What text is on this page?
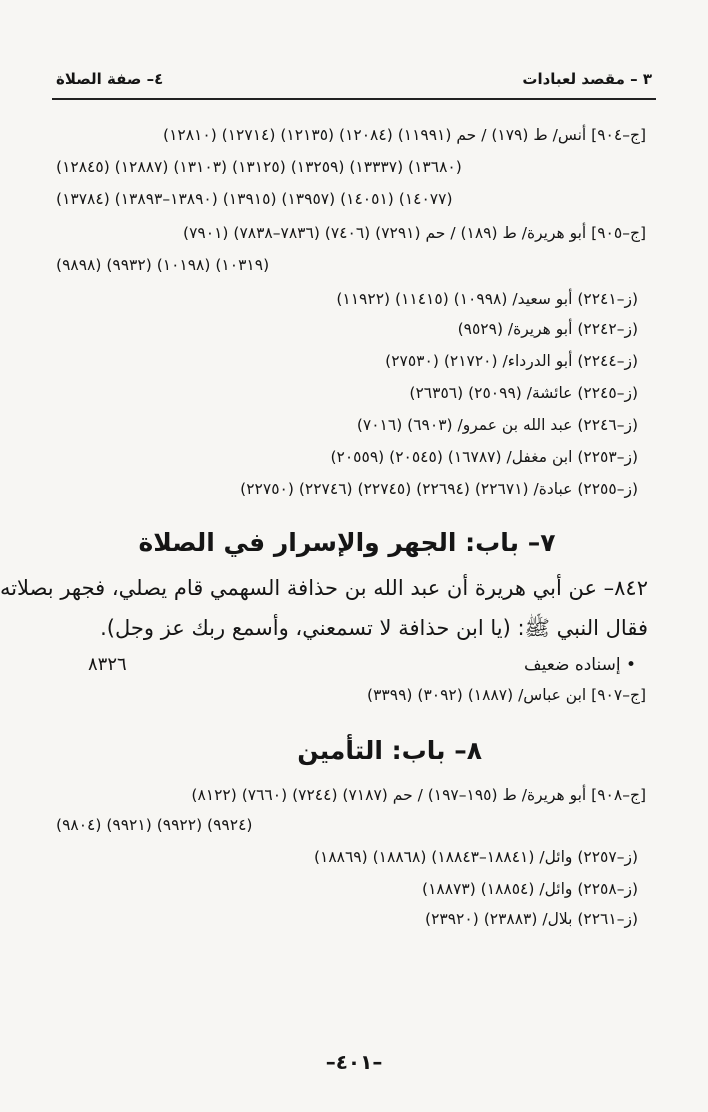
٣ – مقصد لعبادات
٤– صفة الصلاة
[ج–٩٠٤] أنس/ ط (١٧٩) / حم (١١٩٩١) (١٢٠٨٤) (١٢١٣٥) (١٢٧١٤) (١٢٨١٠)
(١٢٨٤٥) (١٢٨٨٧) (١٣١٠٣) (١٣١٢٥) (١٣٢٥٩) (١٣٣٣٧) (١٣٦٨٠)
(١٣٧٨٤) (١٣٨٩٠–١٣٨٩٣) (١٣٩١٥) (١٣٩٥٧) (١٤٠٥١) (١٤٠٧٧)
[ج–٩٠٥] أبو هريرة/ ط (١٨٩) / حم (٧٢٩١) (٧٤٠٦) (٧٨٣٦–٧٨٣٨) (٧٩٠١)
(٩٨٩٨) (٩٩٣٢) (١٠١٩٨) (١٠٣١٩)
(ز–٢٢٤١) أبو سعيد/ (١٠٩٩٨) (١١٤١٥) (١١٩٢٢)
(ز–٢٢٤٢) أبو هريرة/ (٩٥٢٩)
(ز–٢٢٤٤) أبو الدرداء/ (٢١٧٢٠) (٢٧٥٣٠)
(ز–٢٢٤٥) عائشة/ (٢٥٠٩٩) (٢٦٣٥٦)
(ز–٢٢٤٦) عبد الله بن عمرو/ (٦٩٠٣) (٧٠١٦)
(ز–٢٢٥٣) ابن مغفل/ (١٦٧٨٧) (٢٠٥٤٥) (٢٠٥٥٩)
(ز–٢٢٥٥) عبادة/ (٢٢٦٧١) (٢٢٦٩٤) (٢٢٧٤٥) (٢٢٧٤٦) (٢٢٧٥٠)
٧– باب: الجهر والإسرار في الصلاة
٨٤٢– عن أبي هريرة أن عبد الله بن حذافة السهمي قام يصلي، فجهر بصلاته
فقال النبي ﷺ: (يا ابن حذافة لا تسمعني، وأسمع ربك عز وجل).
• إسناده ضعيف
٨٣٢٦
[ج–٩٠٧] ابن عباس/ (١٨٨٧) (٣٠٩٢) (٣٣٩٩)
٨– باب: التأمين
[ج–٩٠٨] أبو هريرة/ ط (١٩٥–١٩٧) / حم (٧١٨٧) (٧٢٤٤) (٧٦٦٠) (٨١٢٢)
(٩٨٠٤) (٩٩٢١) (٩٩٢٢) (٩٩٢٤)
(ز–٢٢٥٧) وائل/ (١٨٨٤١–١٨٨٤٣) (١٨٨٦٨) (١٨٨٦٩)
(ز–٢٢٥٨) وائل/ (١٨٨٥٤) (١٨٨٧٣)
(ز–٢٢٦١) بلال/ (٢٣٨٨٣) (٢٣٩٢٠)
–٤٠١–
